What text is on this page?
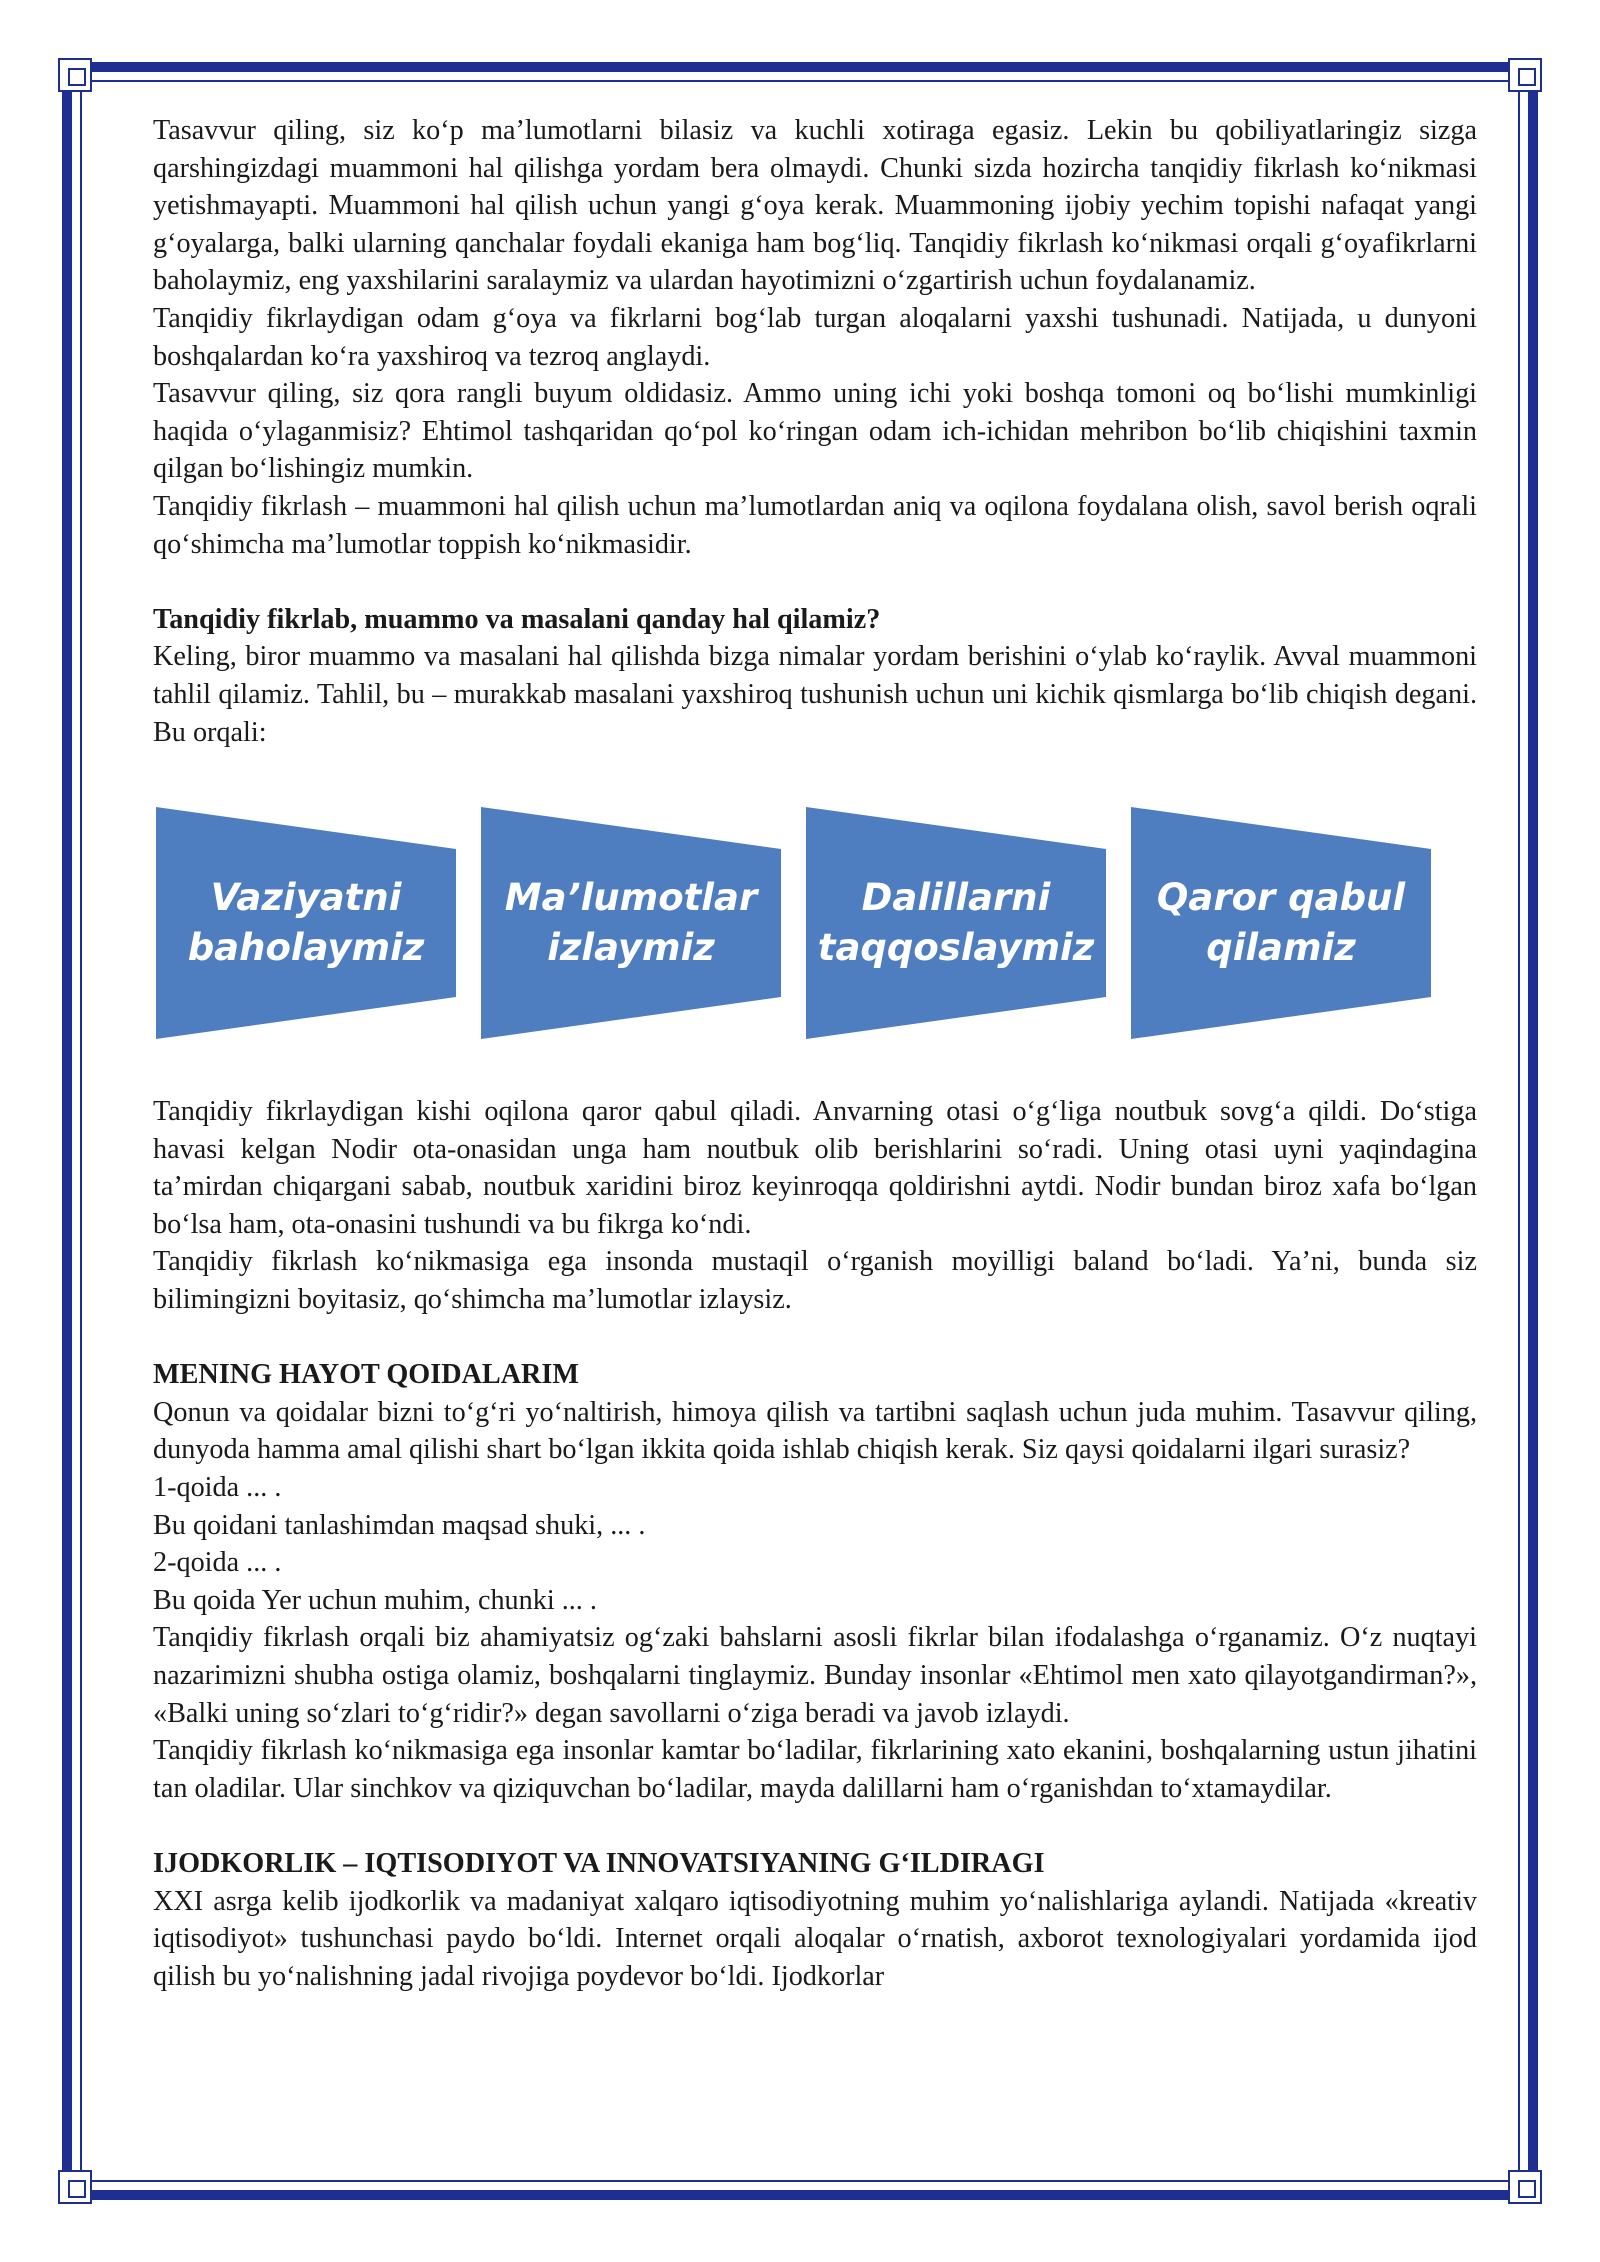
Tasavvur qiling, siz ko‘p ma’lumotlarni bilasiz va kuchli xotiraga egasiz. Lekin bu qobiliyatlaringiz sizga qarshingizdagi muammoni hal qilishga yordam bera olmaydi. Chunki sizda hozircha tanqidiy fikrlash ko‘nikmasi yetishmayapti. Muammoni hal qilish uchun yangi g‘oya kerak. Muammoning ijobiy yechim topishi nafaqat yangi g‘oyalarga, balki ularning qanchalar foydali ekaniga ham bog‘liq. Tanqidiy fikrlash ko‘nikmasi orqali g‘oyafikrlarni baholaymiz, eng yaxshilarini saralaymiz va ulardan hayotimizni o‘zgartirish uchun foydalanamiz.

Tanqidiy fikrlaydigan odam g‘oya va fikrlarni bog‘lab turgan aloqalarni yaxshi tushunadi. Natijada, u dunyoni boshqalardan ko‘ra yaxshiroq va tezroq anglaydi.

Tasavvur qiling, siz qora rangli buyum oldidasiz. Ammo uning ichi yoki boshqa tomoni oq bo‘lishi mumkinligi haqida o‘ylaganmisiz? Ehtimol tashqaridan qo‘pol ko‘ringan odam ich-ichidan mehribon bo‘lib chiqishini taxmin qilgan bo‘lishingiz mumkin.

Tanqidiy fikrlash – muammoni hal qilish uchun ma’lumotlardan aniq va oqilona foydalana olish, savol berish oqrali qo‘shimcha ma’lumotlar toppish ko‘nikmasidir.

Tanqidiy fikrlab, muammo va masalani qanday hal qilamiz?

Keling, biror muammo va masalani hal qilishda bizga nimalar yordam berishini o‘ylab ko‘raylik. Avval muammoni tahlil qilamiz. Tahlil, bu – murakkab masalani yaxshiroq tushunish uchun uni kichik qismlarga bo‘lib chiqish degani. Bu orqali:

Vaziyatni baholaymiz
Ma’lumotlar izlaymiz
Dalillarni taqqoslaymiz
Qaror qabul qilamiz

Tanqidiy fikrlaydigan kishi oqilona qaror qabul qiladi. Anvarning otasi o‘g‘liga noutbuk sovg‘a qildi. Do‘stiga havasi kelgan Nodir ota-onasidan unga ham noutbuk olib berishlarini so‘radi. Uning otasi uyni yaqindagina ta’mirdan chiqargani sabab, noutbuk xaridini biroz keyinroqqa qoldirishni aytdi. Nodir bundan biroz xafa bo‘lgan bo‘lsa ham, ota-onasini tushundi va bu fikrga ko‘ndi.

Tanqidiy fikrlash ko‘nikmasiga ega insonda mustaqil o‘rganish moyilligi baland bo‘ladi. Ya’ni, bunda siz bilimingizni boyitasiz, qo‘shimcha ma’lumotlar izlaysiz.

MENING HAYOT QOIDALARIM

Qonun va qoidalar bizni to‘g‘ri yo‘naltirish, himoya qilish va tartibni saqlash uchun juda muhim. Tasavvur qiling, dunyoda hamma amal qilishi shart bo‘lgan ikkita qoida ishlab chiqish kerak. Siz qaysi qoidalarni ilgari surasiz?

1-qoida ... .

Bu qoidani tanlashimdan maqsad shuki, ... .

2-qoida ... .

Bu qoida Yer uchun muhim, chunki ... .

Tanqidiy fikrlash orqali biz ahamiyatsiz og‘zaki bahslarni asosli fikrlar bilan ifodalashga o‘rganamiz. O‘z nuqtayi nazarimizni shubha ostiga olamiz, boshqalarni tinglaymiz. Bunday insonlar «Ehtimol men xato qilayotgandirman?», «Balki uning so‘zlari to‘g‘ridir?» degan savollarni o‘ziga beradi va javob izlaydi.

Tanqidiy fikrlash ko‘nikmasiga ega insonlar kamtar bo‘ladilar, fikrlarining xato ekanini, boshqalarning ustun jihatini tan oladilar. Ular sinchkov va qiziquvchan bo‘ladilar, mayda dalillarni ham o‘rganishdan to‘xtamaydilar.

IJODKORLIK – IQTISODIYOT VA INNOVATSIYANING G‘ILDIRAGI

XXI asrga kelib ijodkorlik va madaniyat xalqaro iqtisodiyotning muhim yo‘nalishlariga aylandi. Natijada «kreativ iqtisodiyot» tushunchasi paydo bo‘ldi. Internet orqali aloqalar o‘rnatish, axborot texnologiyalari yordamida ijod qilish bu yo‘nalishning jadal rivojiga poydevor bo‘ldi. Ijodkorlar
